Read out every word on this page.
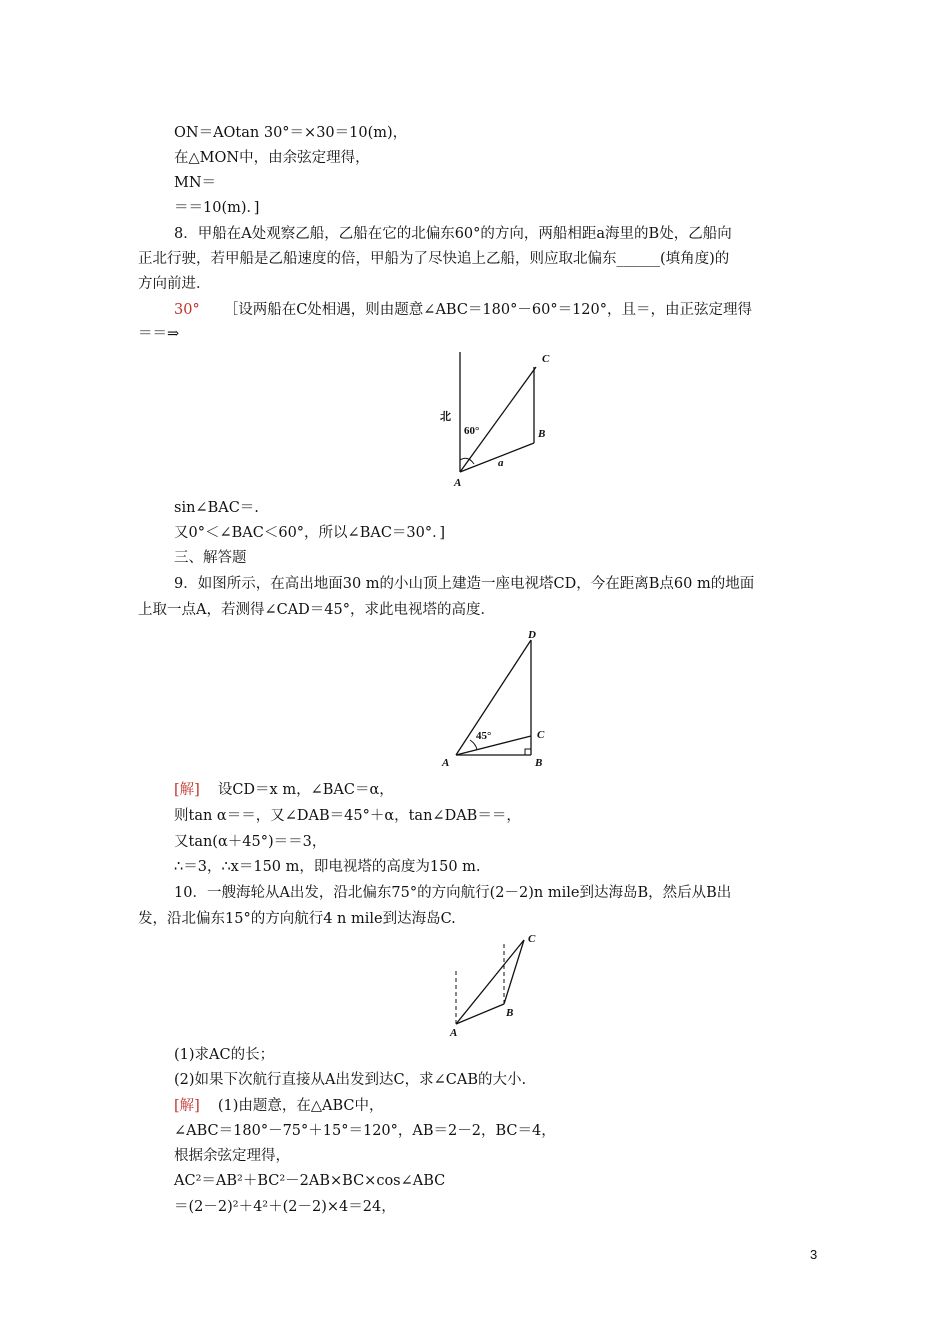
ON＝AOtan 30°＝×30＝10(m)，
在△MON中，由余弦定理得，
MN＝
＝＝10(m)．]
8．甲船在A处观察乙船，乙船在它的北偏东60°的方向，两船相距a海里的B处，乙船向
正北行驶，若甲船是乙船速度的倍，甲船为了尽快追上乙船，则应取北偏东______(填角度)的
方向前进．
30° ［设两船在C处相遇，则由题意∠ABC＝180°－60°＝120°，且＝，由正弦定理得
＝＝⇒
北
60°
A
B
C
a
sin∠BAC＝.
又0°＜∠BAC＜60°，所以∠BAC＝30°．]
三、解答题
9．如图所示，在高出地面30 m的小山顶上建造一座电视塔CD，今在距离B点60 m的地面
上取一点A，若测得∠CAD＝45°，求此电视塔的高度．
45°
A	B
C
D
[解] 设CD＝x m，∠BAC＝α，
则tan α＝＝，又∠DAB＝45°＋α，tan∠DAB＝＝，
又tan(α＋45°)＝＝3，
∴＝3，∴x＝150 m，即电视塔的高度为150 m.
10．一艘海轮从A出发，沿北偏东75°的方向航行(2－2)n mile到达海岛B，然后从B出
发，沿北偏东15°的方向航行4 n mile到达海岛C.
A
B
C
(1)求AC的长；
(2)如果下次航行直接从A出发到达C，求∠CAB的大小.
[解] (1)由题意，在△ABC中，
∠ABC＝180°－75°＋15°＝120°，AB＝2－2，BC＝4，
根据余弦定理得，
AC²＝AB²＋BC²－2AB×BC×cos∠ABC
＝(2－2)²＋4²＋(2－2)×4＝24，
3
